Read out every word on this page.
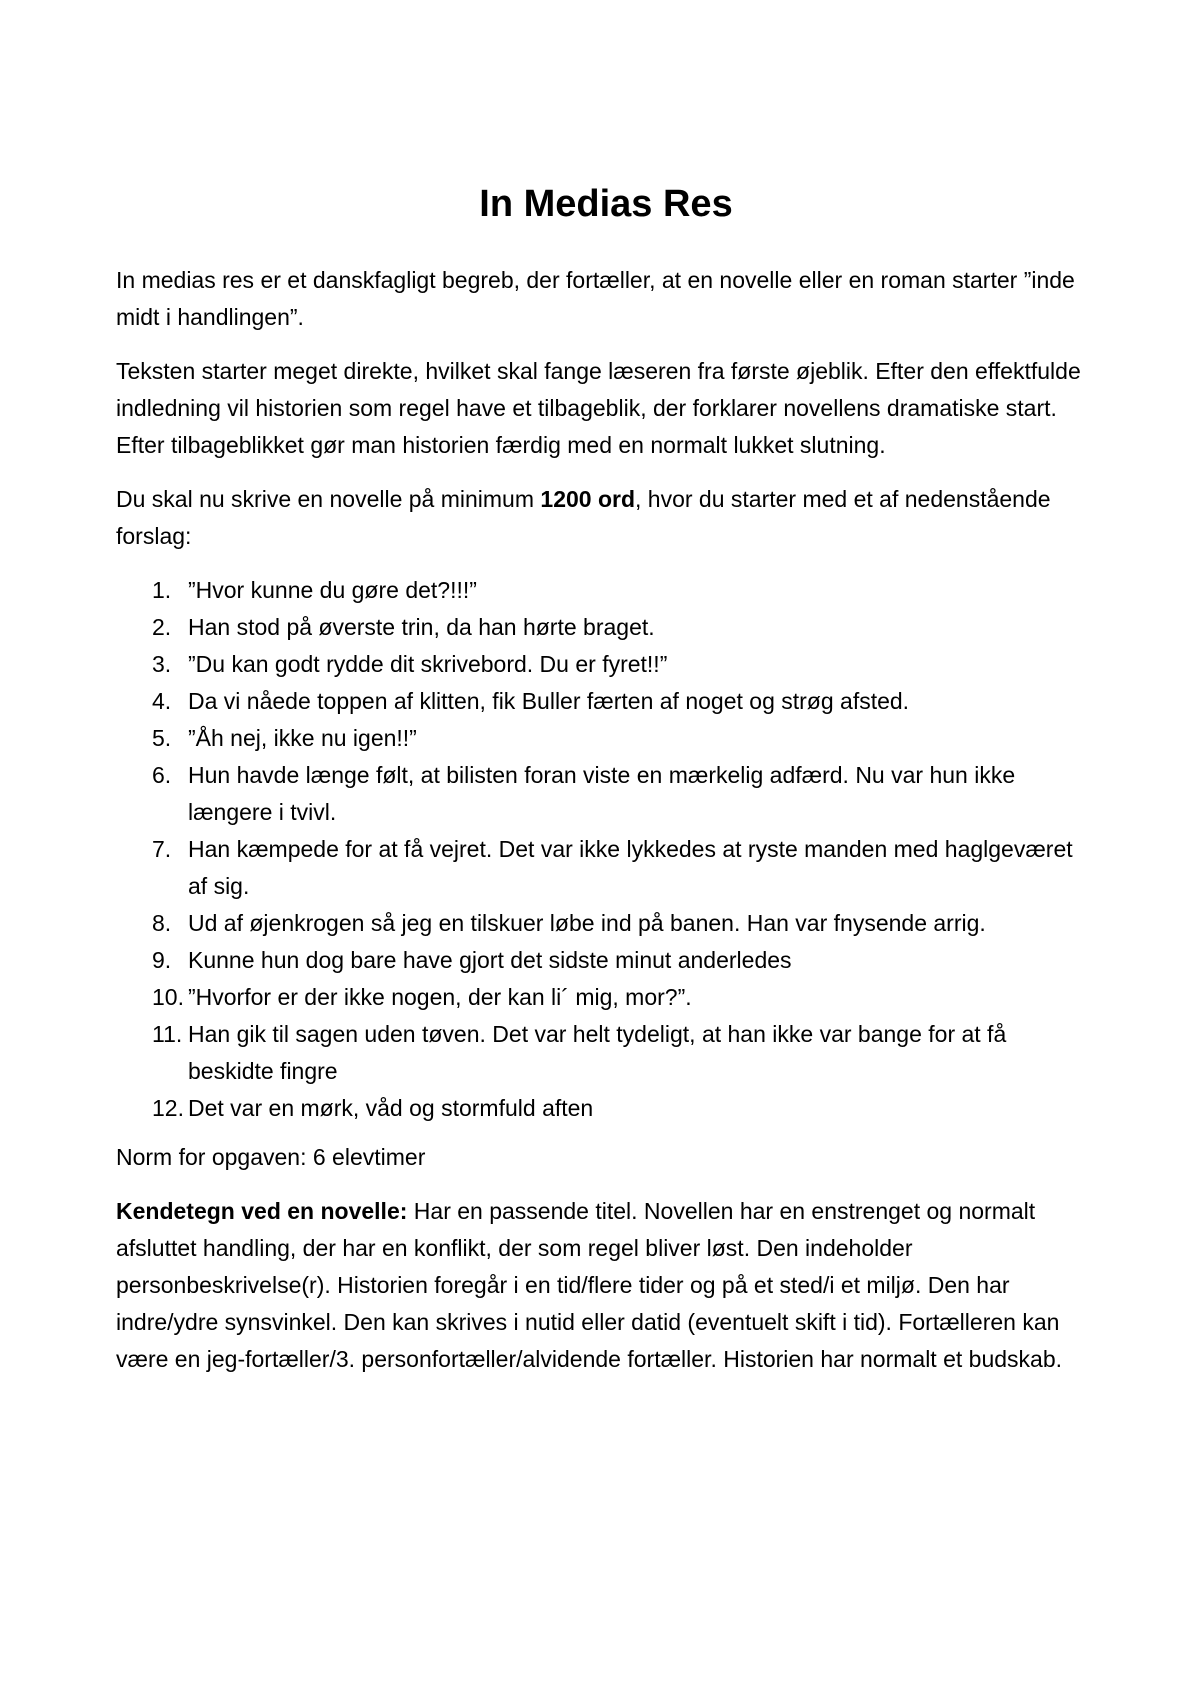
In Medias Res

In medias res er et danskfagligt begreb, der fortæller, at en novelle eller en roman starter ”inde midt i handlingen”.

Teksten starter meget direkte, hvilket skal fange læseren fra første øjeblik. Efter den effektfulde indledning vil historien som regel have et tilbageblik, der forklarer novellens dramatiske start. Efter tilbageblikket gør man historien færdig med en normalt lukket slutning.

Du skal nu skrive en novelle på minimum 1200 ord, hvor du starter med et af nedenstående forslag:

1. ”Hvor kunne du gøre det?!!!”
2. Han stod på øverste trin, da han hørte braget.
3. ”Du kan godt rydde dit skrivebord. Du er fyret!!”
4. Da vi nåede toppen af klitten, fik Buller færten af noget og strøg afsted.
5. ”Åh nej, ikke nu igen!!”
6. Hun havde længe følt, at bilisten foran viste en mærkelig adfærd. Nu var hun ikke længere i tvivl.
7. Han kæmpede for at få vejret. Det var ikke lykkedes at ryste manden med haglgeværet af sig.
8. Ud af øjenkrogen så jeg en tilskuer løbe ind på banen. Han var fnysende arrig.
9. Kunne hun dog bare have gjort det sidste minut anderledes
10. ”Hvorfor er der ikke nogen, der kan li´ mig, mor?”.
11. Han gik til sagen uden tøven. Det var helt tydeligt, at han ikke var bange for at få beskidte fingre
12. Det var en mørk, våd og stormfuld aften

Norm for opgaven: 6 elevtimer

Kendetegn ved en novelle: Har en passende titel. Novellen har en enstrenget og normalt afsluttet handling, der har en konflikt, der som regel bliver løst. Den indeholder personbeskrivelse(r). Historien foregår i en tid/flere tider og på et sted/i et miljø. Den har indre/ydre synsvinkel. Den kan skrives i nutid eller datid (eventuelt skift i tid). Fortælleren kan være en jeg-fortæller/3. personfortæller/alvidende fortæller. Historien har normalt et budskab.
